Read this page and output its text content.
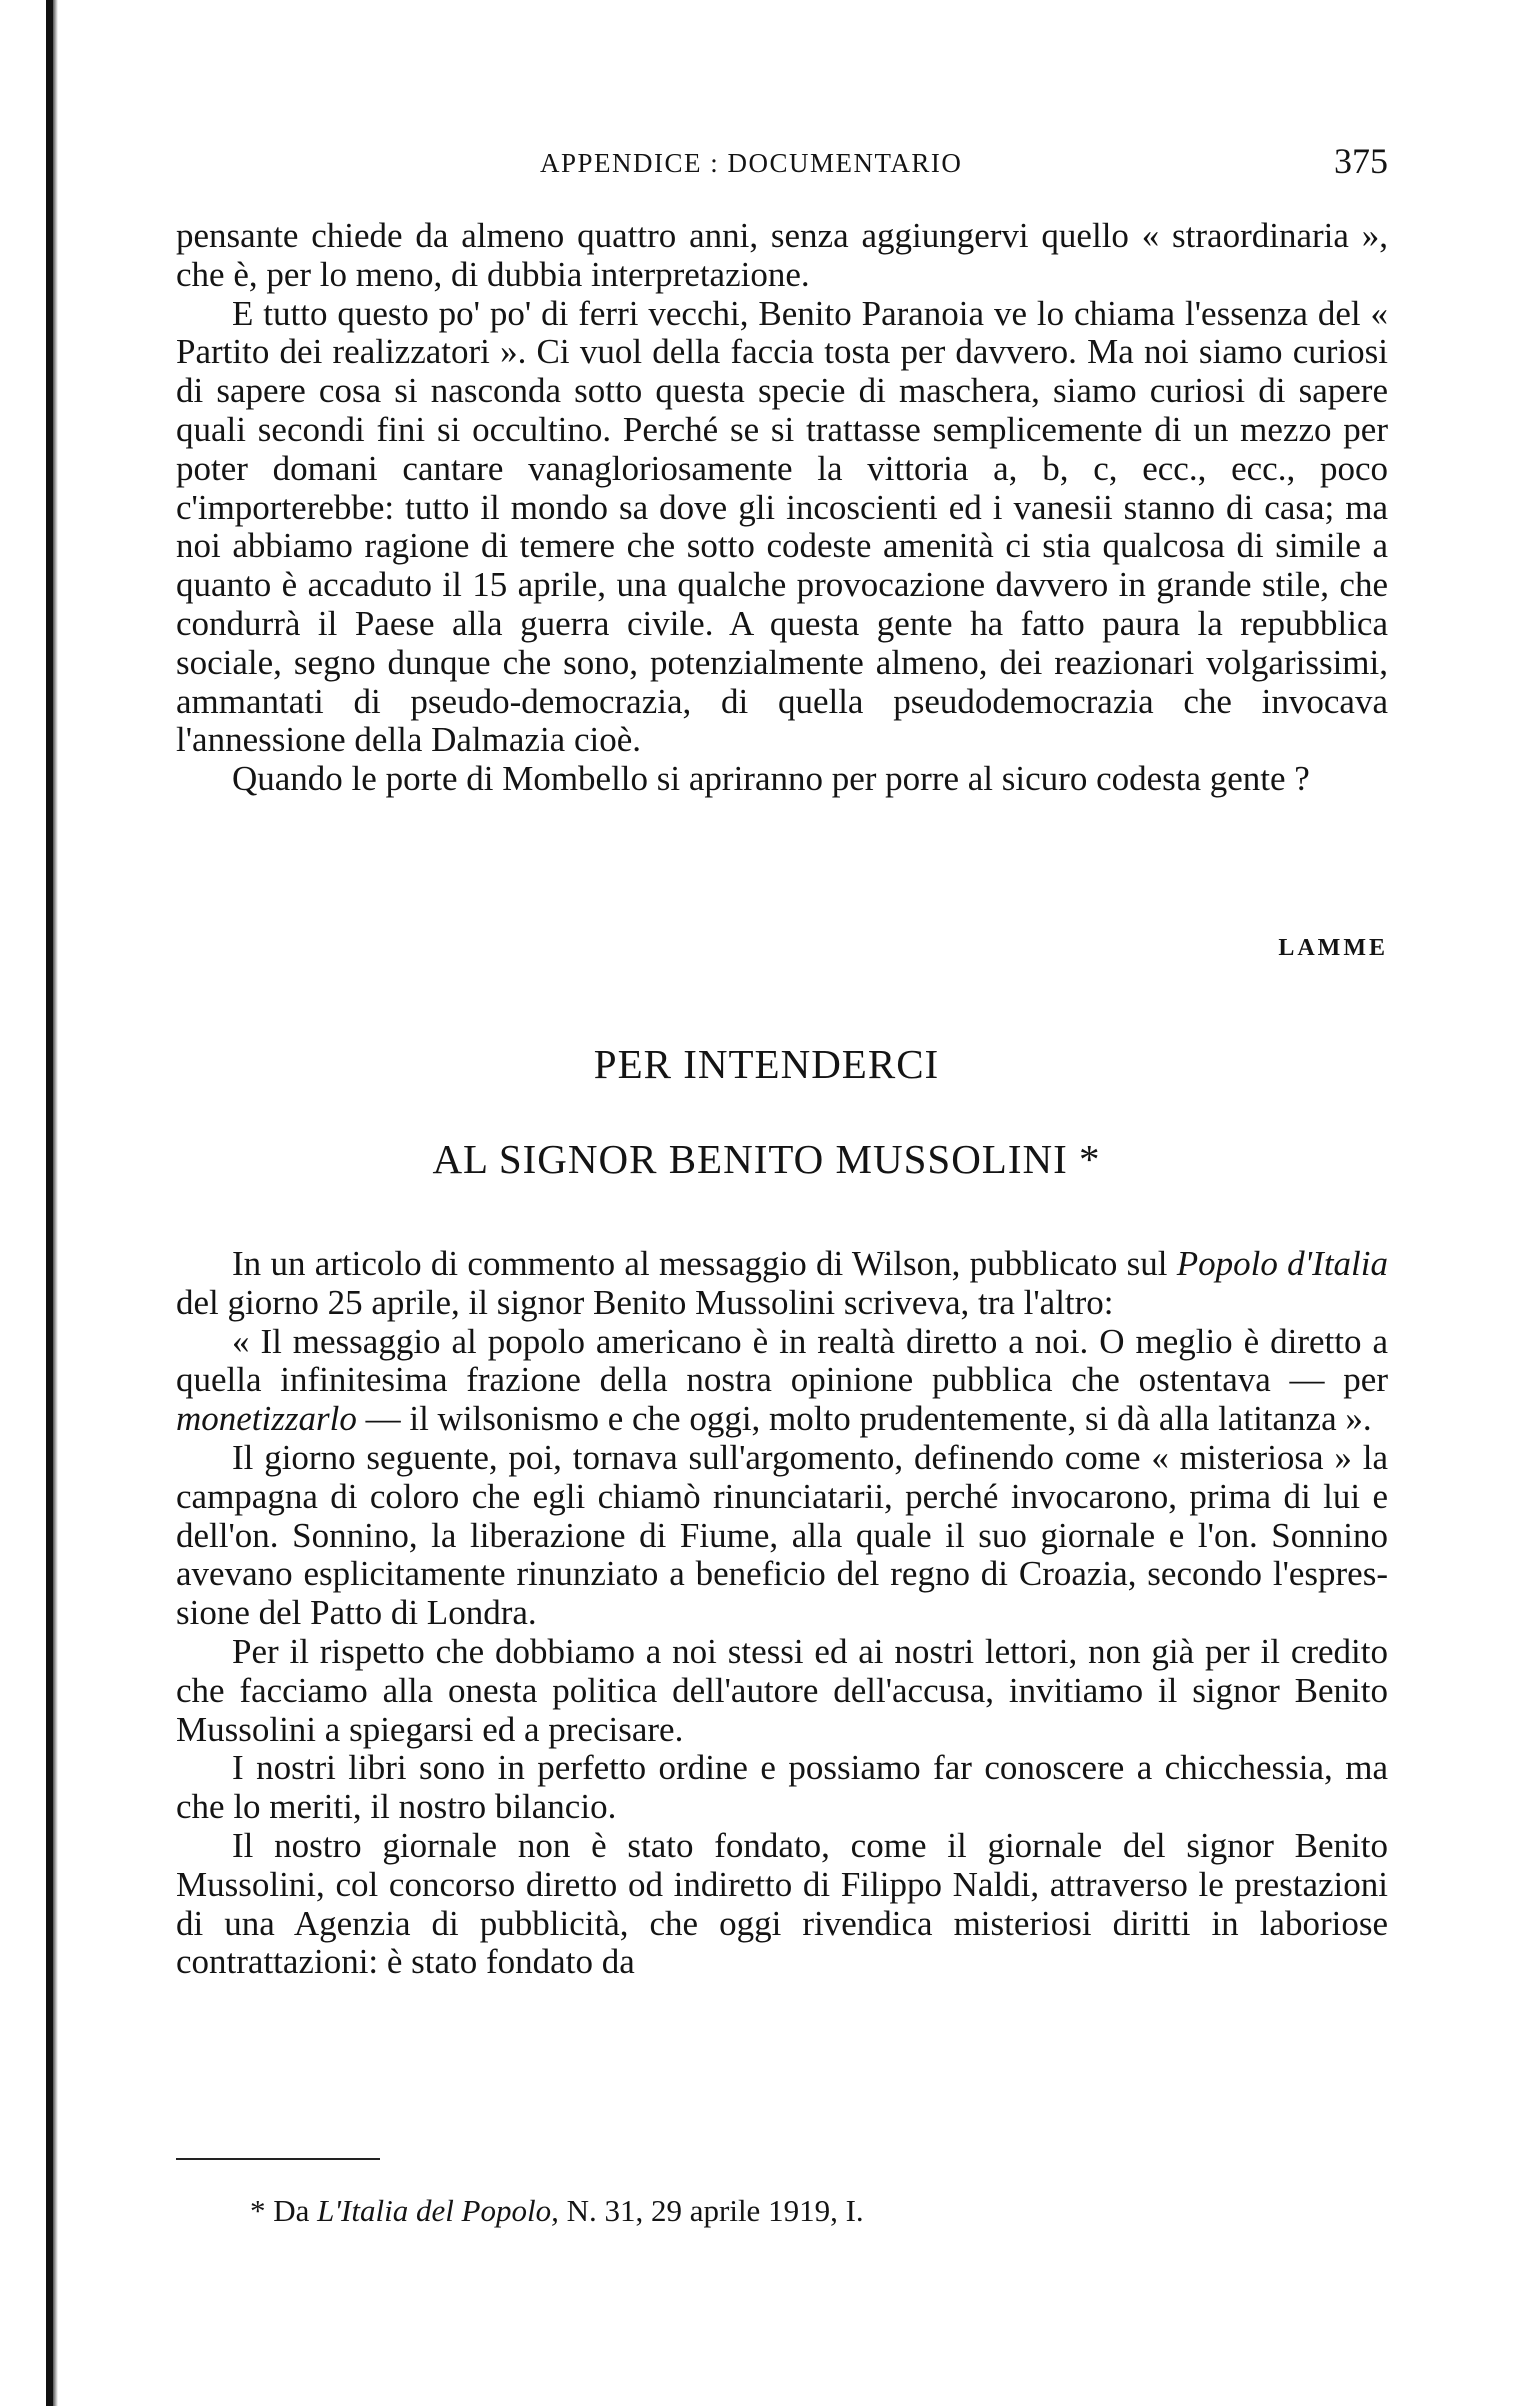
APPENDICE : DOCUMENTARIO	375

pensante chiede da almeno quattro anni, senza aggiungervi quello « straordinaria », che è, per lo meno, di dubbia interpretazione.

E tutto questo po' po' di ferri vecchi, Benito Paranoia ve lo chiama l'essenza del « Partito dei realizzatori ». Ci vuol della faccia tosta per davvero. Ma noi siamo curiosi di sapere cosa si nasconda sotto questa specie di maschera, siamo curiosi di sapere quali secondi fini si occultino. Perché se si trattasse semplicemente di un mezzo per poter domani cantare vanagloriosamente la vittoria a, b, c, ecc., ecc., poco c'importerebbe: tutto il mondo sa dove gli incoscienti ed i vanesii stanno di casa; ma noi abbiamo ragione di temere che sotto codeste amenità ci stia qualcosa di simile a quanto è accaduto il 15 aprile, una qualche provocazione davvero in grande stile, che condurrà il Paese alla guerra civile. A questa gente ha fatto paura la repubblica sociale, segno dunque che sono, potenzialmente almeno, dei reazionari volgarissimi, ammantati di pseudo-democrazia, di quella pseudodemocrazia che invocava l'annessione della Dalmazia cioè.

Quando le porte di Mombello si apriranno per porre al sicuro codesta gente ?

LAMME
PER INTENDERCI
AL SIGNOR BENITO MUSSOLINI *

In un articolo di commento al messaggio di Wilson, pubblicato sul Popolo d'Italia del giorno 25 aprile, il signor Benito Mussolini scriveva, tra l'altro:

« Il messaggio al popolo americano è in realtà diretto a noi. O meglio è diretto a quella infinitesima frazione della nostra opinione pubblica che ostentava — per monetizzarlo — il wilsonismo e che oggi, molto prudentemente, si dà alla latitanza ».

Il giorno seguente, poi, tornava sull'argomento, definendo come « misteriosa » la campagna di coloro che egli chiamò rinunciatarii, perché invocarono, prima di lui e dell'on. Sonnino, la liberazione di Fiume, alla quale il suo giornale e l'on. Sonnino avevano esplicitamente rinunziato a beneficio del regno di Croazia, secondo l'espressione del Patto di Londra.

Per il rispetto che dobbiamo a noi stessi ed ai nostri lettori, non già per il credito che facciamo alla onesta politica dell'autore dell'accusa, invitiamo il signor Benito Mussolini a spiegarsi ed a precisare.

I nostri libri sono in perfetto ordine e possiamo far conoscere a chicchessia, ma che lo meriti, il nostro bilancio.

Il nostro giornale non è stato fondato, come il giornale del signor Benito Mussolini, col concorso diretto od indiretto di Filippo Naldi, attraverso le prestazioni di una Agenzia di pubblicità, che oggi rivendica misteriosi diritti in laboriose contrattazioni: è stato fondato da

* Da L'Italia del Popolo, N. 31, 29 aprile 1919, I.
